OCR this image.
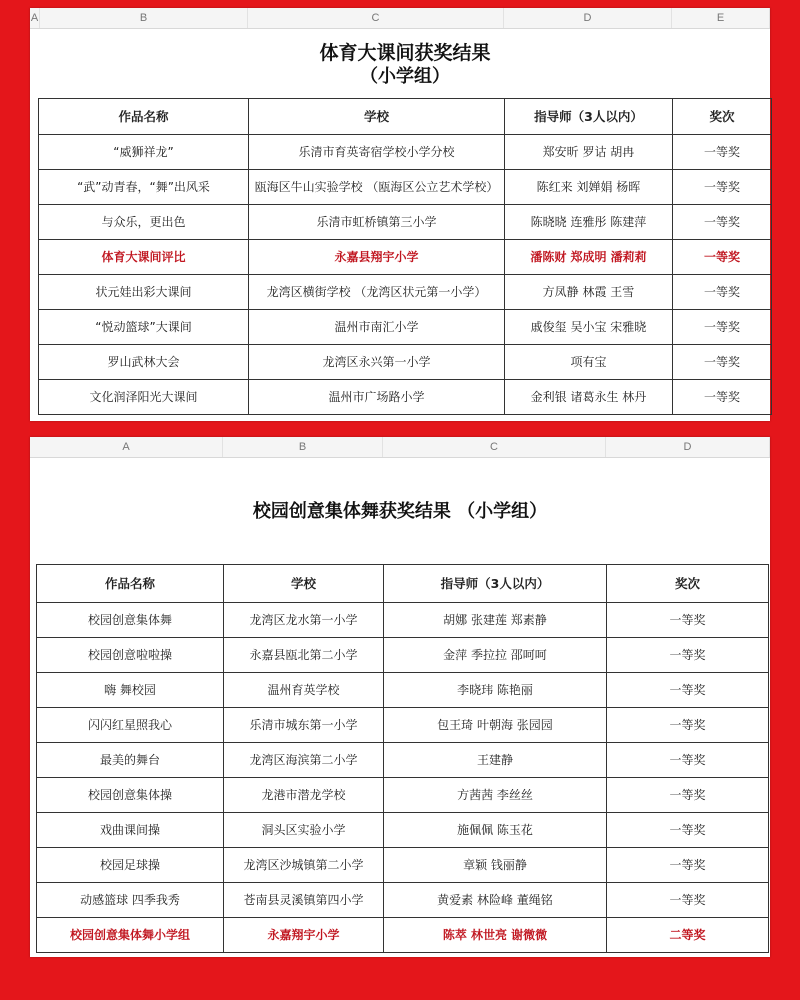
A	B	C	D	E
体育大课间获奖结果
（小学组）
作品名称	学校	指导师（3人以内）	奖次
“威狮祥龙”	乐清市育英寄宿学校小学分校	郑安昕 罗诂 胡冉	一等奖
“武”动青春，“舞”出风采	瓯海区牛山实验学校 （瓯海区公立艺术学校）	陈红来 刘婵娟 杨晖	一等奖
与众乐，更出色	乐清市虹桥镇第三小学	陈晓晓 连雅彤 陈建萍	一等奖
体育大课间评比	永嘉县翔宇小学	潘陈财 郑成明 潘莉莉	一等奖
状元娃出彩大课间	龙湾区横街学校 （龙湾区状元第一小学）	方凤静 林霞 王雪	一等奖
“悦动篮球”大课间	温州市南汇小学	戚俊玺 吴小宝 宋雅晓	一等奖
罗山武林大会	龙湾区永兴第一小学	项有宝	一等奖
文化润泽阳光大课间	温州市广场路小学	金利银 诸葛永生 林丹	一等奖
A	B	C	D
校园创意集体舞获奖结果 （小学组）
作品名称	学校	指导师（3人以内）	奖次
校园创意集体舞	龙湾区龙水第一小学	胡娜 张建莲 郑素静	一等奖
校园创意啦啦操	永嘉县瓯北第二小学	金萍 季拉拉 邵呵呵	一等奖
嗨 舞校园	温州育英学校	李晓玮 陈艳丽	一等奖
闪闪红星照我心	乐清市城东第一小学	包王琦 叶朝海 张园园	一等奖
最美的舞台	龙湾区海滨第二小学	王建静	一等奖
校园创意集体操	龙港市潜龙学校	方茜茜 李丝丝	一等奖
戏曲课间操	洞头区实验小学	施佩佩 陈玉花	一等奖
校园足球操	龙湾区沙城镇第二小学	章颖 钱丽静	一等奖
动感篮球 四季我秀	苍南县灵溪镇第四小学	黄爱素 林险峰 董绳铭	一等奖
校园创意集体舞小学组	永嘉翔宇小学	陈萃 林世亮 谢微微	二等奖
